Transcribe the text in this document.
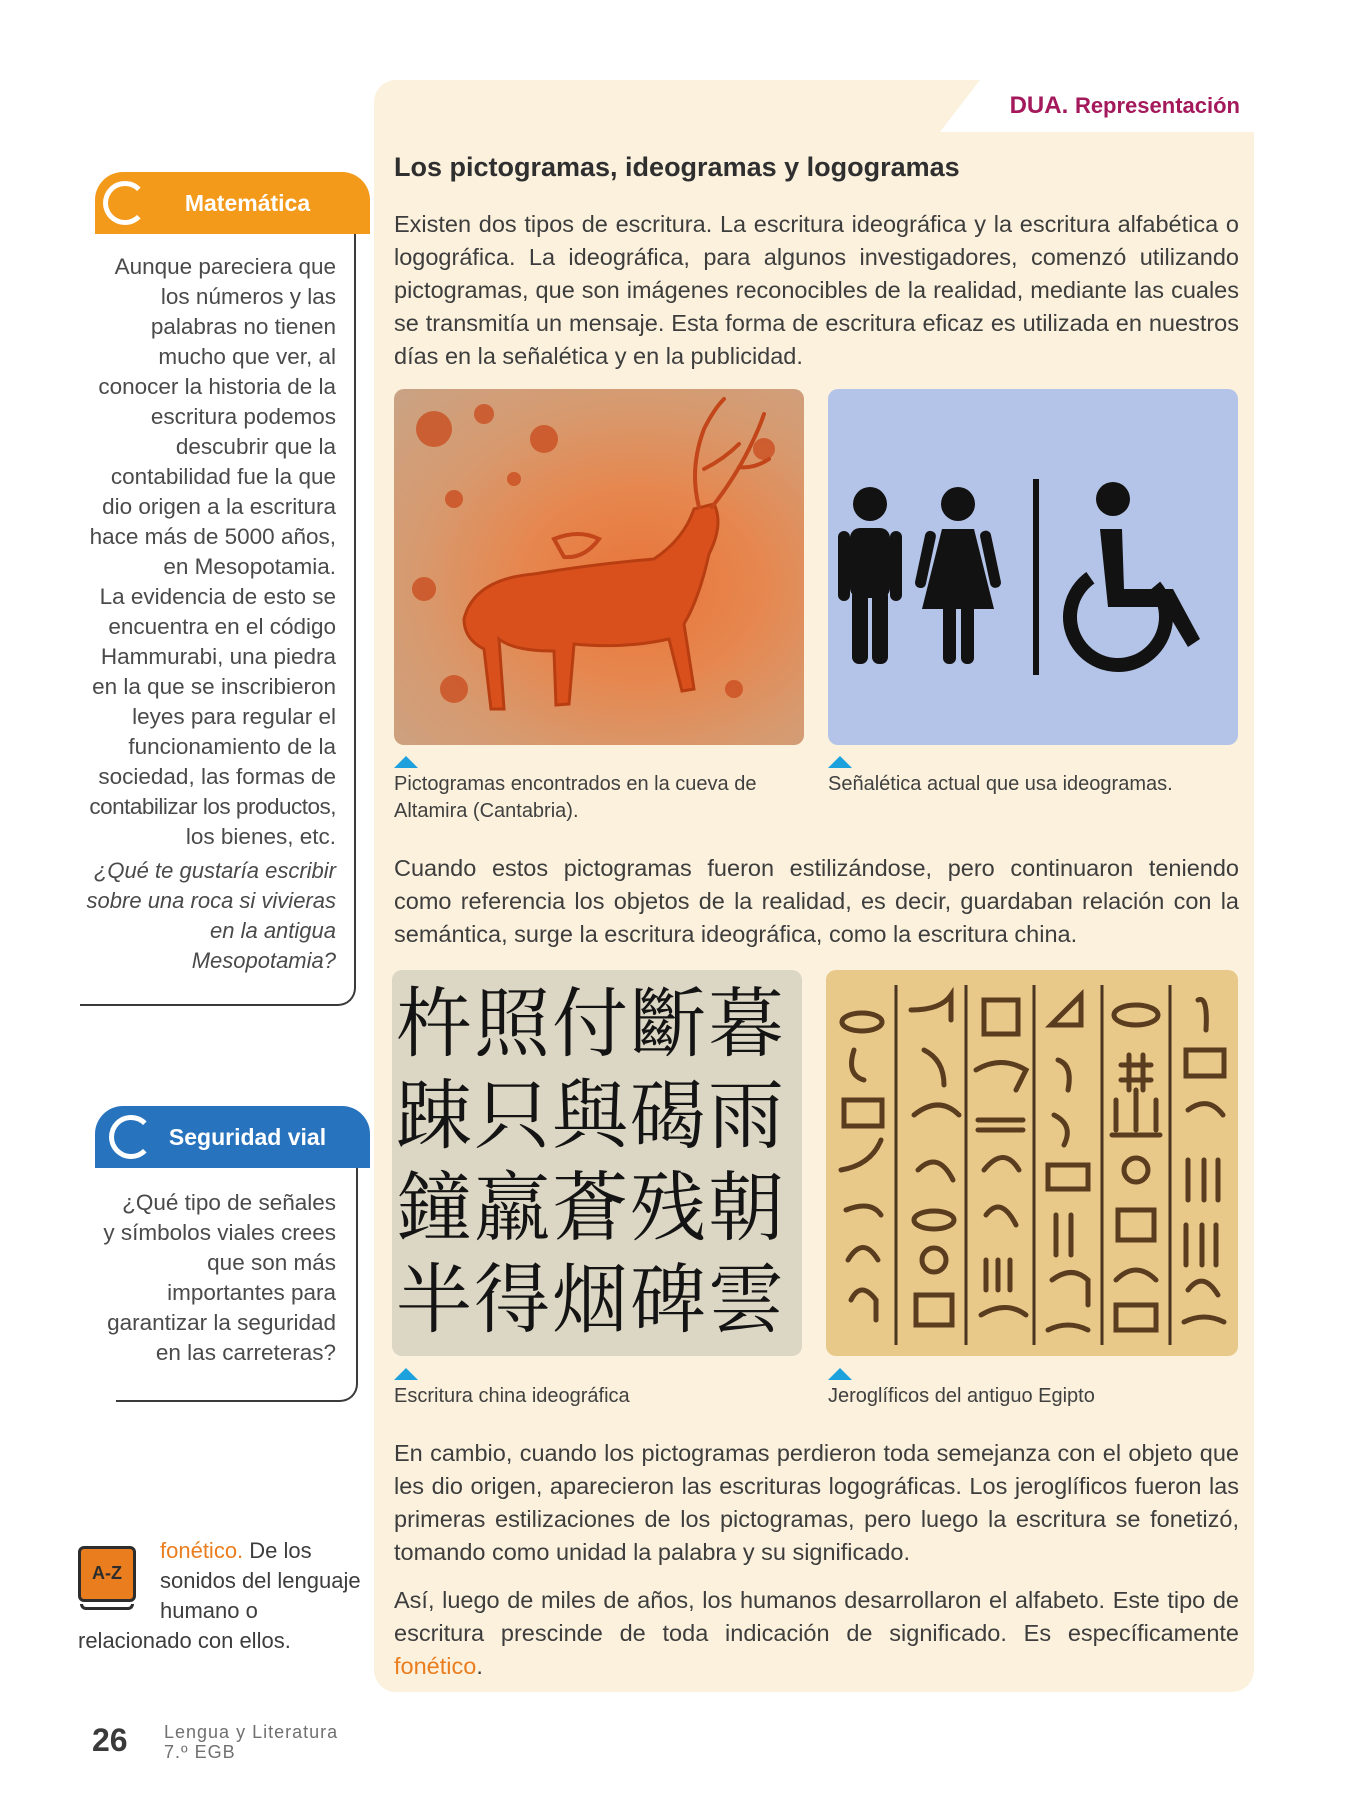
DUA. Representación
Los pictogramas, ideogramas y logogramas

Existen dos tipos de escritura. La escritura ideográfica y la escritura alfabética o logográfica. La ideográfica, para algunos investigadores, comenzó utilizando pictogramas, que son imágenes reconocibles de la realidad, mediante las cuales se transmitía un mensaje. Esta forma de escritura eficaz es utilizada en nuestros días en la señalética y en la publicidad.

Pictogramas encontrados en la cueva de
Altamira (Cantabria).
Señalética actual que usa ideogramas.

Cuando estos pictogramas fueron estilizándose, pero continuaron teniendo como referencia los objetos de la realidad, es decir, guardaban relación con la semántica, surge la escritura ideográfica, como la escritura china.

杵照付斷暮
踈只與碣雨
鐘羸蒼残朝
半得烟碑雲
Escritura china ideográfica	Jeroglíficos del antiguo Egipto

En cambio, cuando los pictogramas perdieron toda semejanza con el objeto que les dio origen, aparecieron las escrituras logográficas. Los jeroglíficos fueron las primeras estilizaciones de los pictogramas, pero luego la escritura se fonetizó, tomando como unidad la palabra y su significado.

Así, luego de miles de años, los humanos desarrollaron el alfabeto. Este tipo de escritura prescinde de toda indicación de significado. Es específicamente fonético.

Matemática

Aunque pareciera que

los números y las

palabras no tienen

mucho que ver, al

conocer la historia de la

escritura podemos

descubrir que la

contabilidad fue la que

dio origen a la escritura

hace más de 5000 años,

en Mesopotamia.

La evidencia de esto se

encuentra en el código

Hammurabi, una piedra

en la que se inscribieron

leyes para regular el

funcionamiento de la

sociedad, las formas de

contabilizar los productos,

los bienes, etc.

¿Qué te gustaría escribir

sobre una roca si vivieras

en la antigua

Mesopotamia?

Seguridad vial

¿Qué tipo de señales

y símbolos viales crees

que son más

importantes para

garantizar la seguridad

en las carreteras?

A-Z
fonético. De los
sonidos del lenguaje
humano o
relacionado con ellos.
26 Lengua y Literatura
7.º EGB
